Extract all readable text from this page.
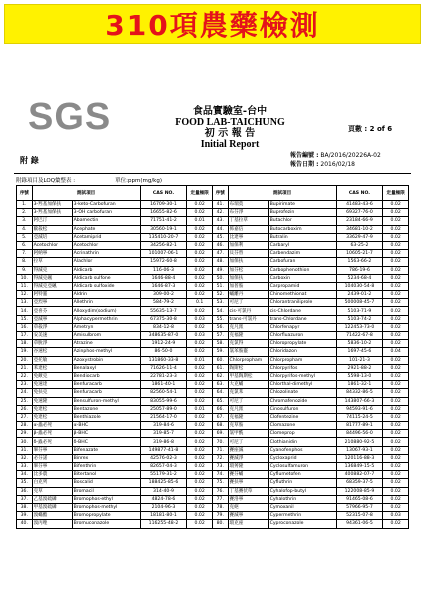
310項農藥檢測
SGS	食品實驗室-台中
FOOD LAB-TAICHUNG
初 示 報 告
Initial Report
頁數 : 2 of 6
附 錄
報告編號 : BA/2016/20226A-02
報告日期 : 2016/02/18
附錄項目及LOQ彙整表 :	單位:ppm(mg/kg)
序號	測試項目		CAS NO.	定量極限	序號	測試項目		CAS NO.	定量極限
1.	3-羥基加保扶	3-keto-Carbofuran	16709-30-1	0.02	41.	布瑞莫	Bupirimate	41483-43-6	0.02
2.	3-羥基加保扶	3-OH carbofuran	16655-82-6	0.02	42.	布芬淨	Buprofezin	69327-76-0	0.02
3.	阿巴汀	Abamectin	71751-41-2	0.01	43.	丁基拉草	Butachlor	23184-66-9	0.02
4.	歐殺松	Acephate	30560-19-1	0.02	44.	佈嘉信	Butocarboxim	34681-10-2	0.02
5.	亞滅培	Acetamiprid	135410-20-7	0.02	45.	比達寧	Butralin	33629-47-9	0.02
6.	Acetochlor	Acetochlor	34256-82-1	0.02	46.	加保利	Carbaryl	63-25-2	0.02
7.	阿納寧	Acrinathrin	101007-06-1	0.02	47.	貝芬替	Carbendazim	10605-21-7	0.02
8.	拉草	Alachlor	15972-60-8	0.02	48.	加保扶	Carbofuran	1563-66-2	0.02
9.	得滅克	Aldicarb	116-06-3	0.02	49.	加芬松	Carbophenothion	786-19-6	0.02
10.	得滅克碸	Aldicarb sulfone	1646-88-4	0.02	50.	加保扶	Carboxin	5234-68-4	0.02
11.	得滅克亞碸	Aldicarb sulfoxide	1646-87-3	0.02	51.	加普胺	Carpropamid	104030-54-8	0.02
12.	阿特靈	Aldrin	309-00-2	0.02	52.	蟎離丹	Chinomethionat	2439-01-2	0.02
13.	亞烈寧	Allethrin	584-79-2	0.1	53.	可尼丁	Chlorantraniliprole	500008-45-7	0.02
14.	亞喜芬	Alloxydim(sodium)	55635-13-7	0.02	54.	cis-可氯丹	cis-Chlordane	5103-71-9	0.02
15.	亞滅寧	Alphacypermethrin	67375-30-8	0.03	55.	trans-可氯丹	trans-Chlordane	5103-74-2	0.02
16.	草殺淨	Ametryn	834-12-8	0.02	56.	克凡派	Chlorfenapyr	122453-73-0	0.02
17.	安美速	Amisulbrom	348635-87-0	0.03	57.	克福隆	Chlorfluazuron	71422-67-8	0.02
18.	草脫淨	Atrazine	1912-24-9	0.02	58.	克氯得	Chloropropylate	5836-10-2	0.02
19.	谷速松	Azinphos-methyl	86-50-0	0.02	59.	氯苯胺靈	Chloridazon	1697-45-6	0.04
20.	亞托敏	Azoxystrobin	131860-33-8	0.01	60.	Chlorpropham	Chlorpropham	101-21-3	0.02
21.	苯達松	Benalaxyl	71626-11-4	0.02	61.	陶斯松	Chlorpyrifos	2921-88-2	0.02
22.	免敵克	Bendiocarb	22781-23-3	0.02	62.	甲基陶斯松	Chlorpyrifos-methyl	5598-13-0	0.02
23.	免速達	Benfuracarb	1861-40-1	0.02	63.	大克蟎	Chlorthal-dimethyl	1861-32-1	0.02
24.	免扶克	Benfuracarb	82560-54-1	0.02	64.	克氯苯	Chlozolinate	84332-86-5	0.02
25.	免速隆	Bensulfuron-methyl	83055-99-6	0.02	65.	可尼丁	Chromafenozide	143807-66-3	0.02
26.	免達松	Bentazone	25057-89-0	0.01	66.	克凡派	Cinosulfuron	94593-91-6	0.02
27.	免達松	Benthiazole	21564-17-0	0.02	67.	克福隆	Clofentezine	74115-24-5	0.02
28.	α-蟲必死	α-BHC	319-84-6	0.02	68.	克草胺	Clomazone	81777-89-1	0.02
29.	β-蟲必死	β-BHC	319-85-7	0.02	69.	氯甲酰	Clomeprop	84496-56-0	0.02
30.	δ-蟲必死	δ-BHC	319-86-8	0.02	70.	可尼丁	Clothianidin	210880-92-5	0.02
31.	畢芬寧	Bifenazate	149877-41-8	0.02	71.	賽座滅	Cyanofenphos	13067-93-1	0.02
32.	必芬諾	Binrex	42576-02-3	0.02	72.	賽滅淨	Cycloxaprid	120116-88-3	0.02
33.	畢芬寧	Bifenthrin	82657-04-3	0.02	73.	環莠隆	Cyclosulfamuron	136849-15-5	0.02
34.	比多農	Bitertanol	55179-31-2	0.02	74.	賽芬蟎	Cyflumetofen	400882-07-7	0.02
35.	白克列	Boscalid	188425-85-6	0.02	75.	賽扶寧	Cyfluthrin	68359-37-5	0.02
36.	克草	Bromacil	314-40-9	0.02	76.	丁基賽伏草	Cyhalofop-butyl	122008-85-9	0.02
37.	乙基溴硫磷	Bromophos-ethyl	4824-78-6	0.02	77.	賽洛寧	Cyhalothrin	91465-08-6	0.02
38.	甲基溴硫磷	Bromophos-methyl	2104-96-3	0.02	78.	克絕	Cymoxanil	57966-95-7	0.02
39.	溴蟎酯	Bromopropylate	18181-80-1	0.02	79.	賽滅寧	Cypermethrin	52315-07-8	0.03
40.	溴丙唑	Bromuconazole	116255-48-2	0.02	80.	環克座	Cyproconazole	94361-06-5	0.02
